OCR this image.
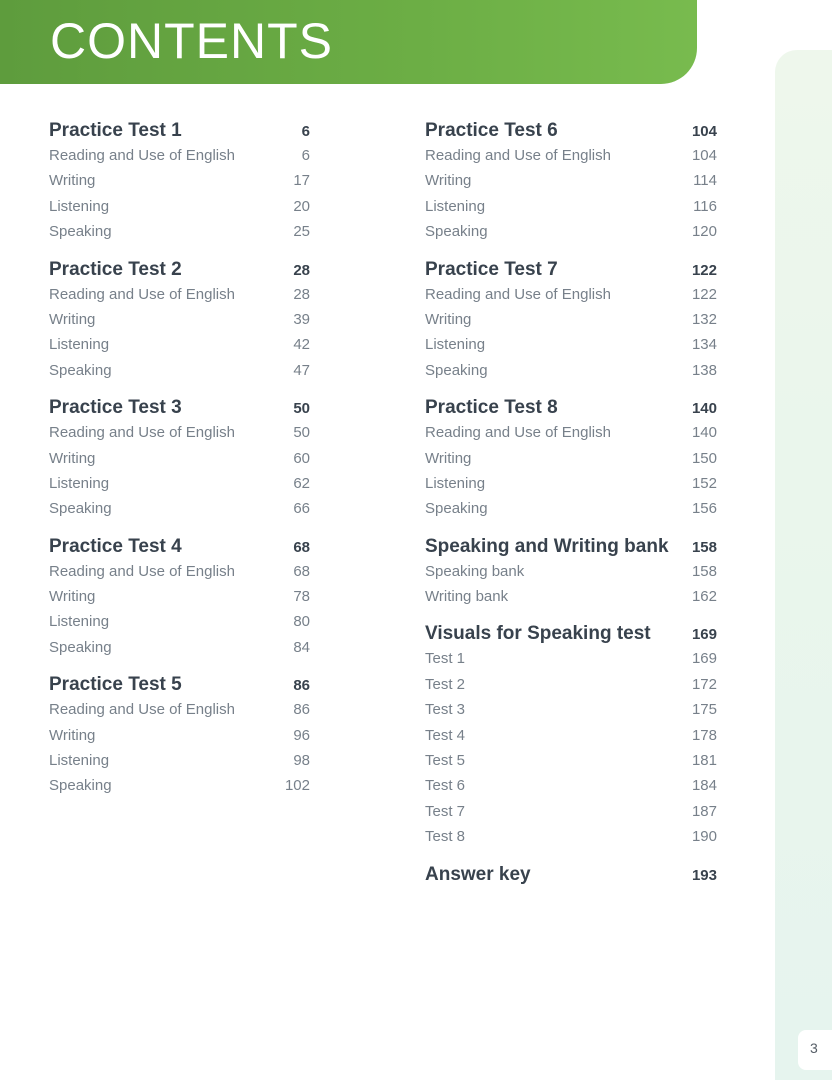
CONTENTS
3
Practice Test 1	6
Reading and Use of English	6
Writing	17
Listening	20
Speaking	25
Practice Test 2	28
Reading and Use of English	28
Writing	39
Listening	42
Speaking	47
Practice Test 3	50
Reading and Use of English	50
Writing	60
Listening	62
Speaking	66
Practice Test 4	68
Reading and Use of English	68
Writing	78
Listening	80
Speaking	84
Practice Test 5	86
Reading and Use of English	86
Writing	96
Listening	98
Speaking	102
Practice Test 6	104
Reading and Use of English	104
Writing	114
Listening	116
Speaking	120
Practice Test 7	122
Reading and Use of English	122
Writing	132
Listening	134
Speaking	138
Practice Test 8	140
Reading and Use of English	140
Writing	150
Listening	152
Speaking	156
Speaking and Writing bank 158
Speaking bank	158
Writing bank	162
Visuals for Speaking test	169
Test 1	169
Test 2	172
Test 3	175
Test 4	178
Test 5	181
Test 6	184
Test 7	187
Test 8	190
Answer key	193
